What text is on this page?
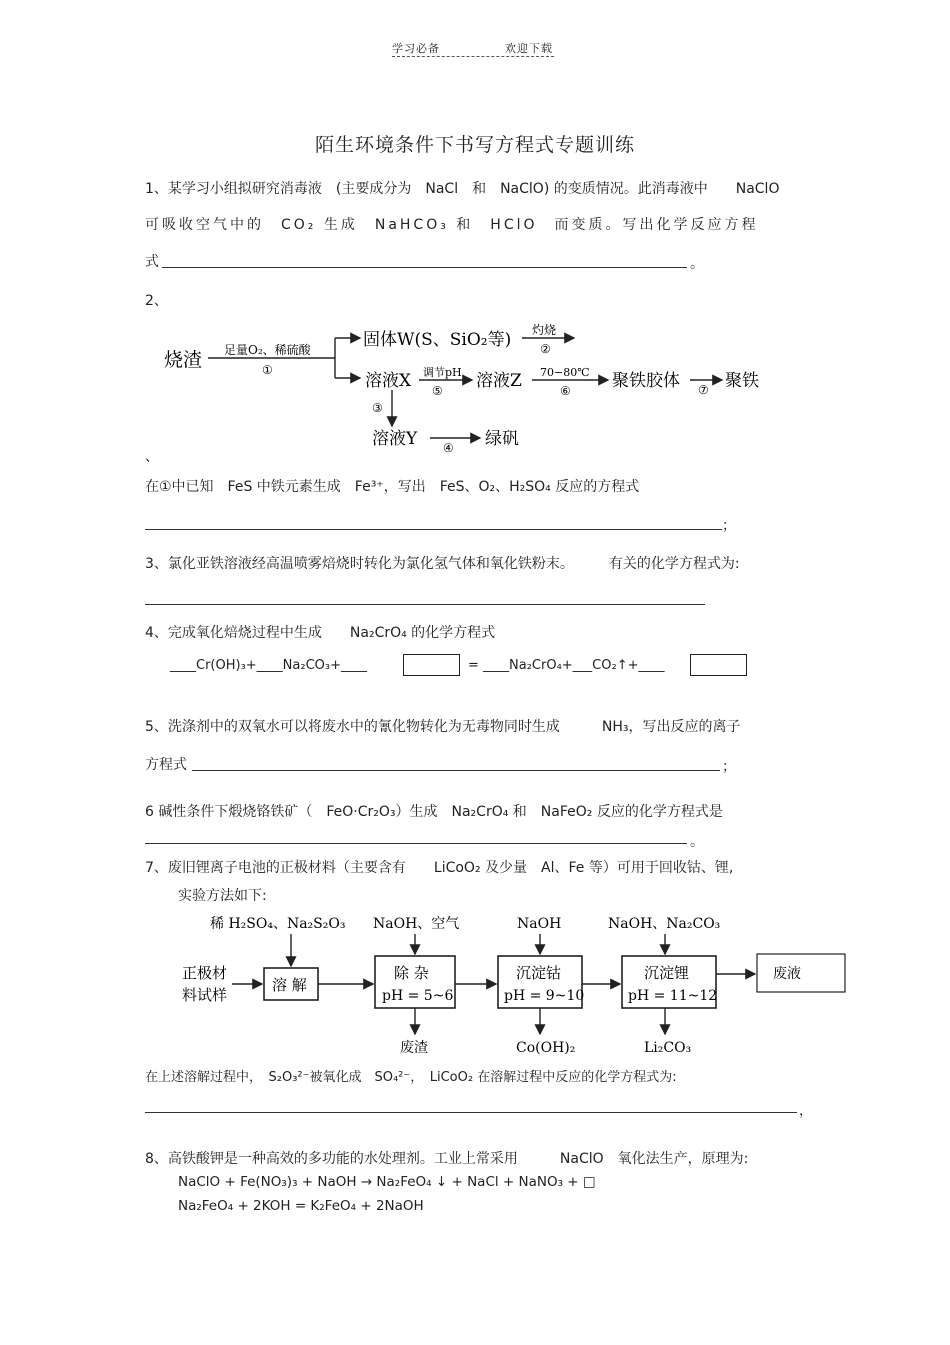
学习必备	欢迎下载
陌生环境条件下书写方程式专题训练
1、某学习小组拟研究消毒液　(主要成分为　NaCl　和　NaClO) 的变质情况。此消毒液中　　NaClO
可吸收空气中的　CO₂ 生成　NaHCO₃ 和　HClO　而变质。写出化学反应方程
式	。
2、
烧渣 足量O₂、稀硫酸
①
固体W(S、SiO₂等) 灼烧
②
溶液X 调节pH
⑤ 溶液Z 70−80℃
⑥ 聚铁胶体 ⑦ 聚铁
③
溶液Y ④ 绿矾
、
在①中已知　FeS 中铁元素生成　Fe³⁺，写出　FeS、O₂、H₂SO₄ 反应的方程式
；
3、氯化亚铁溶液经高温喷雾焙烧时转化为氯化氢气体和氧化铁粉末。　　　有关的化学方程式为:
4、完成氧化焙烧过程中生成　　Na₂CrO₄ 的化学方程式
____Cr(OH)₃+____Na₂CO₃+____	= ____Na₂CrO₄+___CO₂↑+____
5、洗涤剂中的双氧水可以将废水中的氰化物转化为无毒物同时生成　　　NH₃，写出反应的离子
方程式	；
6 碱性条件下煅烧铬铁矿（　FeO·Cr₂O₃）生成　Na₂CrO₄ 和　NaFeO₂ 反应的化学方程式是
。
7、废旧锂离子电池的正极材料（主要含有　　LiCoO₂ 及少量　Al、Fe 等）可用于回收钴、锂,
实验方法如下:
正极材
料试样
稀 H₂SO₄、Na₂S₂O₃
溶 解
NaOH、空气
除 杂
pH = 5~6
废渣
NaOH
沉淀钴
pH = 9~10
Co(OH)₂
NaOH、Na₂CO₃
沉淀锂
pH = 11~12
Li₂CO₃
废液
在上述溶解过程中，　S₂O₃²⁻被氧化成　SO₄²⁻，　LiCoO₂ 在溶解过程中反应的化学方程式为:
，
8、高铁酸钾是一种高效的多功能的水处理剂。工业上常采用　　　NaClO　氧化法生产，原理为:
NaClO + Fe(NO₃)₃ + NaOH → Na₂FeO₄ ↓ + NaCl + NaNO₃ + □
Na₂FeO₄ + 2KOH = K₂FeO₄ + 2NaOH
